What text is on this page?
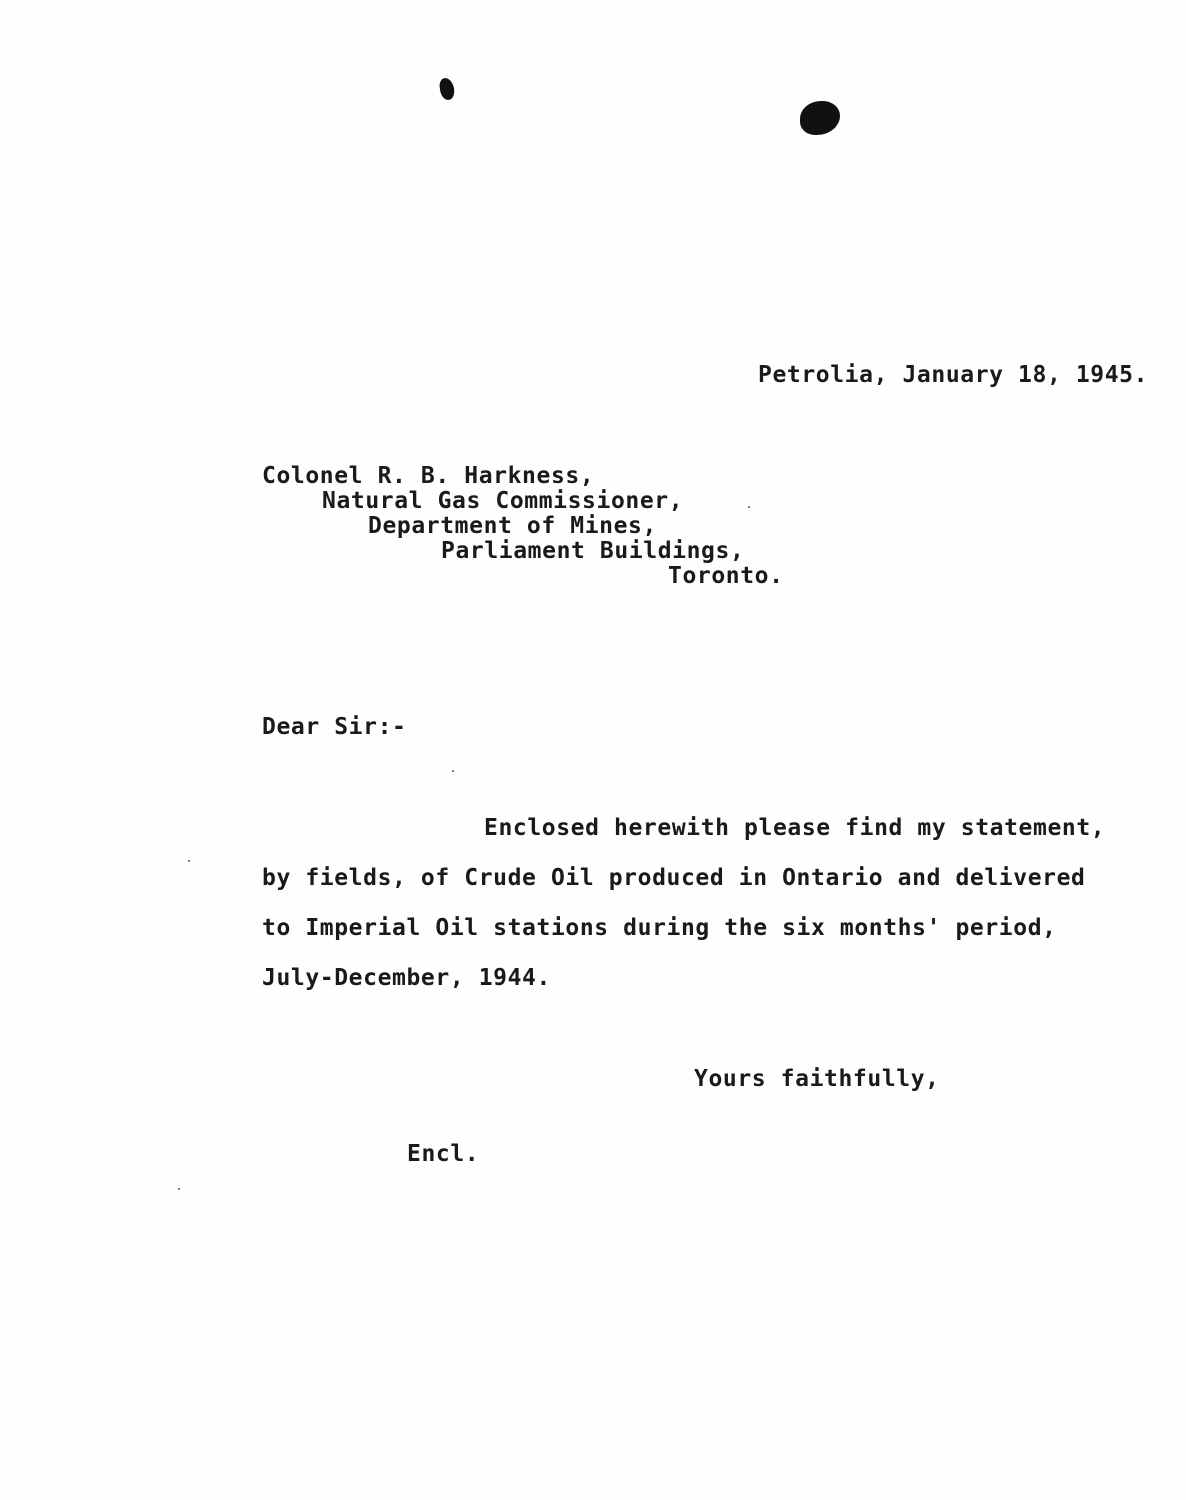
Petrolia, January 18, 1945.
Colonel R. B. Harkness,
Natural Gas Commissioner,
Department of Mines,
Parliament Buildings,
Toronto.
Dear Sir:-
Enclosed herewith please find my statement,
by fields, of Crude Oil produced in Ontario and delivered
to Imperial Oil stations during the six months' period,
July-December, 1944.
Yours faithfully,
Encl.
